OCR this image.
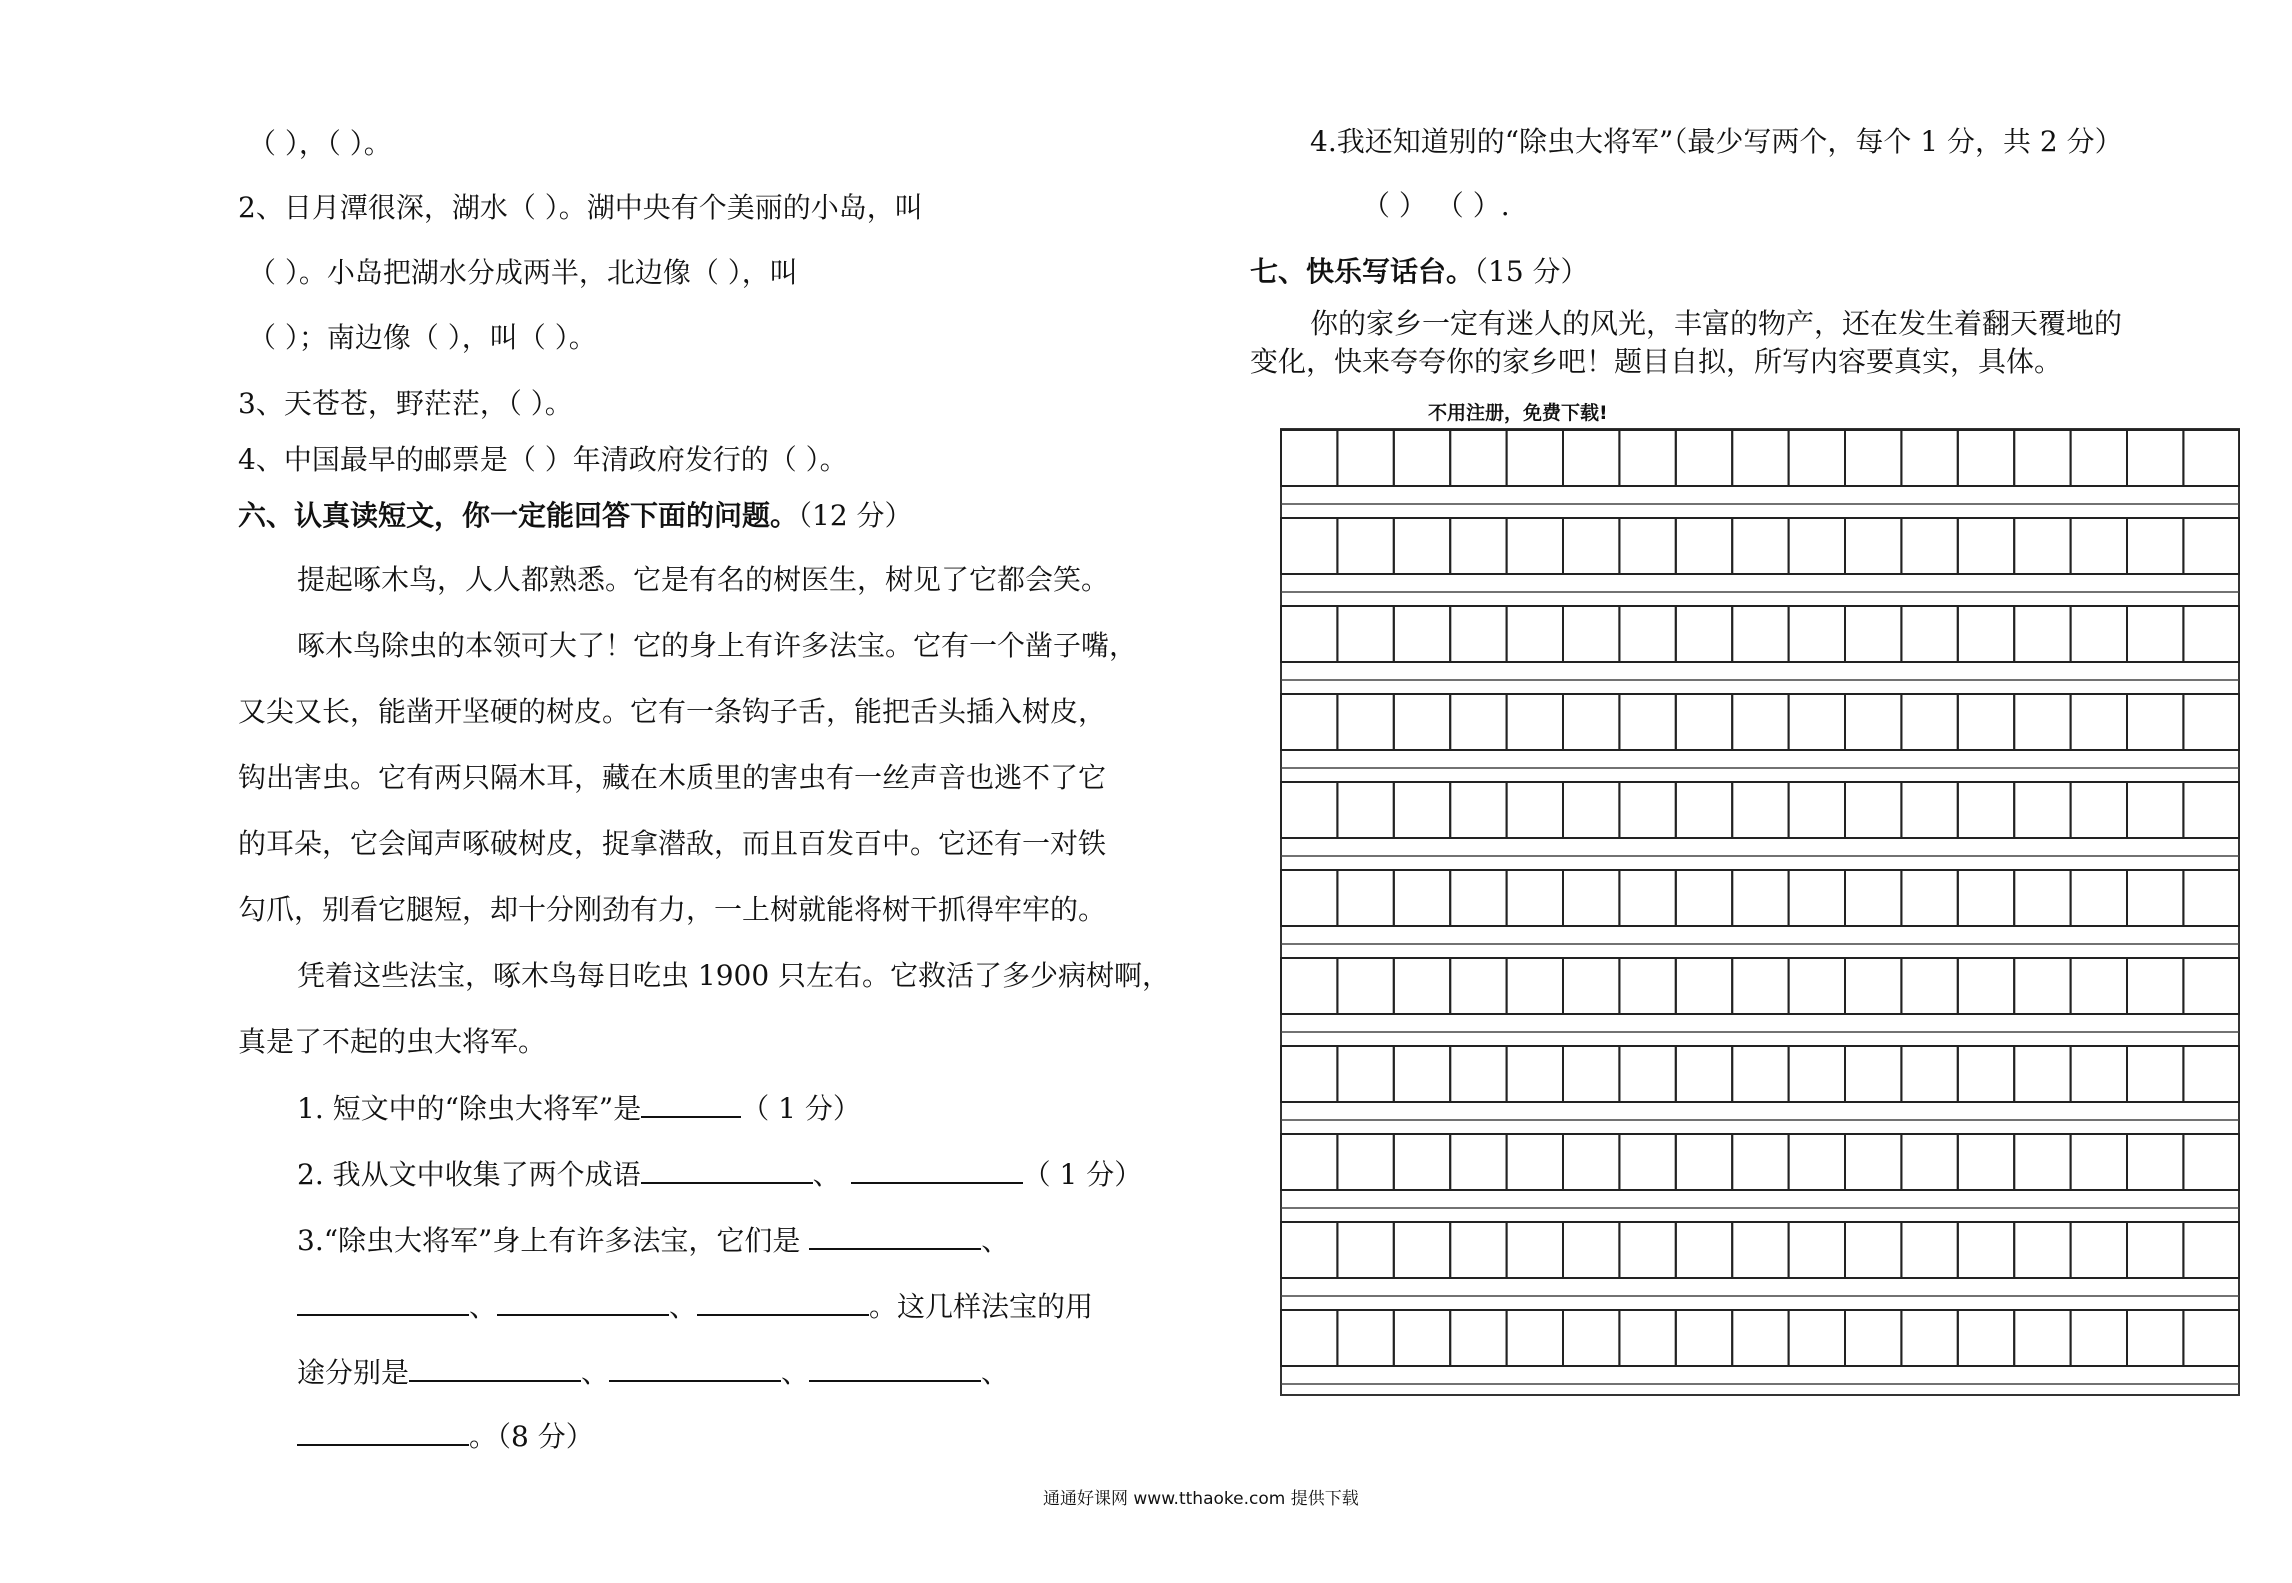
（ ），（ ）。
2、日月潭很深，湖水（ ）。湖中央有个美丽的小岛，叫
（ ）。小岛把湖水分成两半，北边像（ ），叫
（ ）；南边像（ ），叫（ ）。
3、天苍苍，野茫茫，（ ）。
4、中国最早的邮票是（ ）年清政府发行的（ ）。
六、认真读短文，你一定能回答下面的问题。（12 分）
提起啄木鸟，人人都熟悉。它是有名的树医生，树见了它都会笑。
啄木鸟除虫的本领可大了！它的身上有许多法宝。它有一个凿子嘴，
又尖又长，能凿开坚硬的树皮。它有一条钩子舌，能把舌头插入树皮，
钩出害虫。它有两只隔木耳，藏在木质里的害虫有一丝声音也逃不了它
的耳朵，它会闻声啄破树皮，捉拿潜敌，而且百发百中。它还有一对铁
勾爪，别看它腿短，却十分刚劲有力，一上树就能将树干抓得牢牢的。
凭着这些法宝，啄木鸟每日吃虫 1900 只左右。它救活了多少病树啊，
真是了不起的虫大将军。
1. 短文中的“除虫大将军”是	（ 1 分）
2. 我从文中收集了两个成语	、	（ 1 分）
3.“除虫大将军”身上有许多法宝，它们是	、
、	、	。这几样法宝的用
途分别是	、	、	、
。（8 分）
4.我还知道别的“除虫大将军”（最少写两个，每个 1 分，共 2 分）
（ ） （ ）.
七、快乐写话台。（15 分）
你的家乡一定有迷人的风光，丰富的物产，还在发生着翻天覆地的
变化，快来夸夸你的家乡吧！题目自拟，所写内容要真实，具体。
不用注册，免费下载!
通通好课网 www.tthaoke.com 提供下载
